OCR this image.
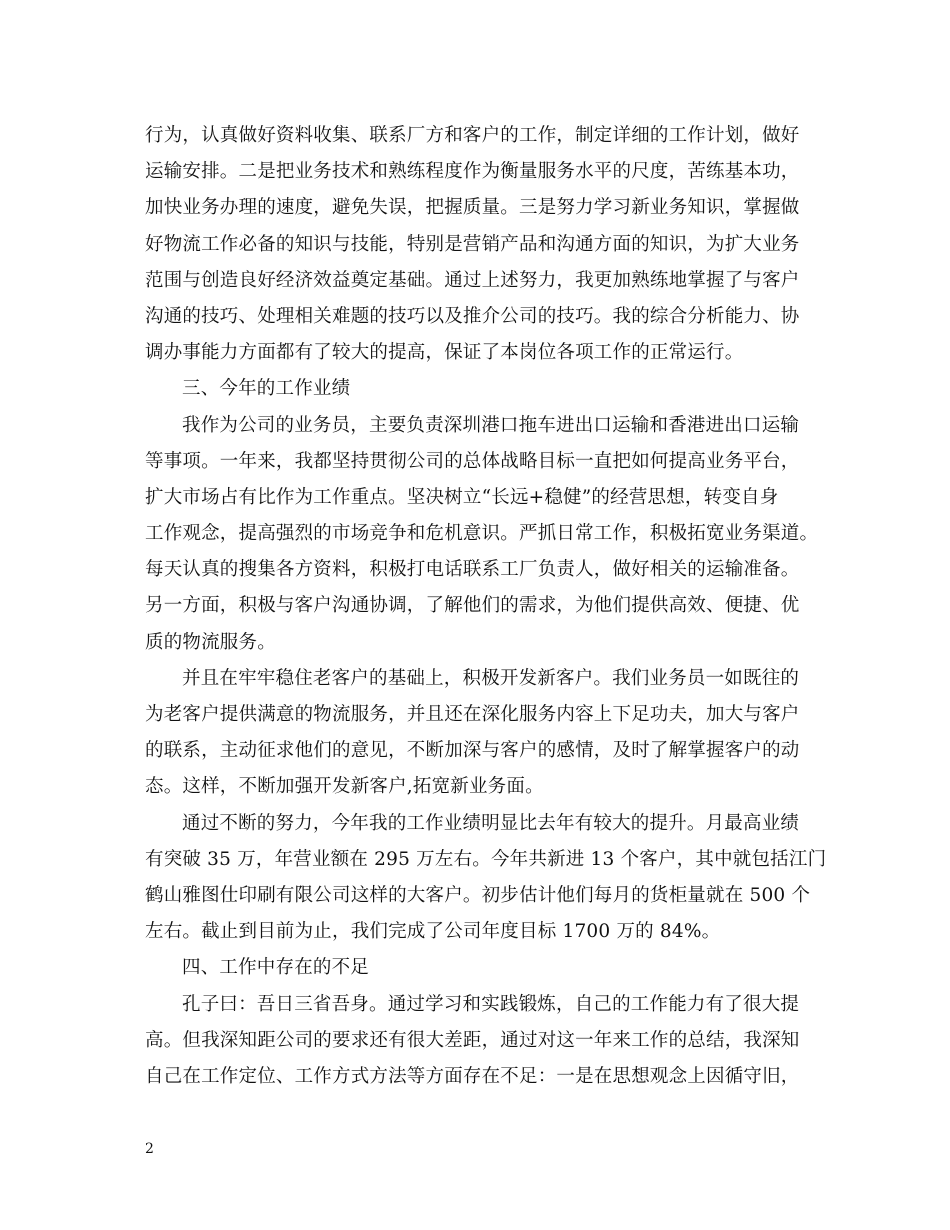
行为，认真做好资料收集、联系厂方和客户的工作，制定详细的工作计划，做好
运输安排。二是把业务技术和熟练程度作为衡量服务水平的尺度，苦练基本功，
加快业务办理的速度，避免失误，把握质量。三是努力学习新业务知识，掌握做
好物流工作必备的知识与技能，特别是营销产品和沟通方面的知识，为扩大业务
范围与创造良好经济效益奠定基础。通过上述努力，我更加熟练地掌握了与客户
沟通的技巧、处理相关难题的技巧以及推介公司的技巧。我的综合分析能力、协
调办事能力方面都有了较大的提高，保证了本岗位各项工作的正常运行。
三、今年的工作业绩
我作为公司的业务员，主要负责深圳港口拖车进出口运输和香港进出口运输
等事项。一年来，我都坚持贯彻公司的总体战略目标一直把如何提高业务平台，
扩大市场占有比作为工作重点。坚决树立“长远+稳健”的经营思想，转变自身
工作观念，提高强烈的市场竞争和危机意识。严抓日常工作，积极拓宽业务渠道。
每天认真的搜集各方资料，积极打电话联系工厂负责人，做好相关的运输准备。
另一方面，积极与客户沟通协调，了解他们的需求，为他们提供高效、便捷、优
质的物流服务。
并且在牢牢稳住老客户的基础上，积极开发新客户。我们业务员一如既往的
为老客户提供满意的物流服务，并且还在深化服务内容上下足功夫，加大与客户
的联系，主动征求他们的意见，不断加深与客户的感情，及时了解掌握客户的动
态。这样，不断加强开发新客户,拓宽新业务面。
通过不断的努力，今年我的工作业绩明显比去年有较大的提升。月最高业绩
有突破 35 万，年营业额在 295 万左右。今年共新进 13 个客户，其中就包括江门
鹤山雅图仕印刷有限公司这样的大客户。初步估计他们每月的货柜量就在 500 个
左右。截止到目前为止，我们完成了公司年度目标 1700 万的 84%。
四、工作中存在的不足
孔子曰：吾日三省吾身。通过学习和实践锻炼，自己的工作能力有了很大提
高。但我深知距公司的要求还有很大差距，通过对这一年来工作的总结，我深知
自己在工作定位、工作方式方法等方面存在不足：一是在思想观念上因循守旧，
2
